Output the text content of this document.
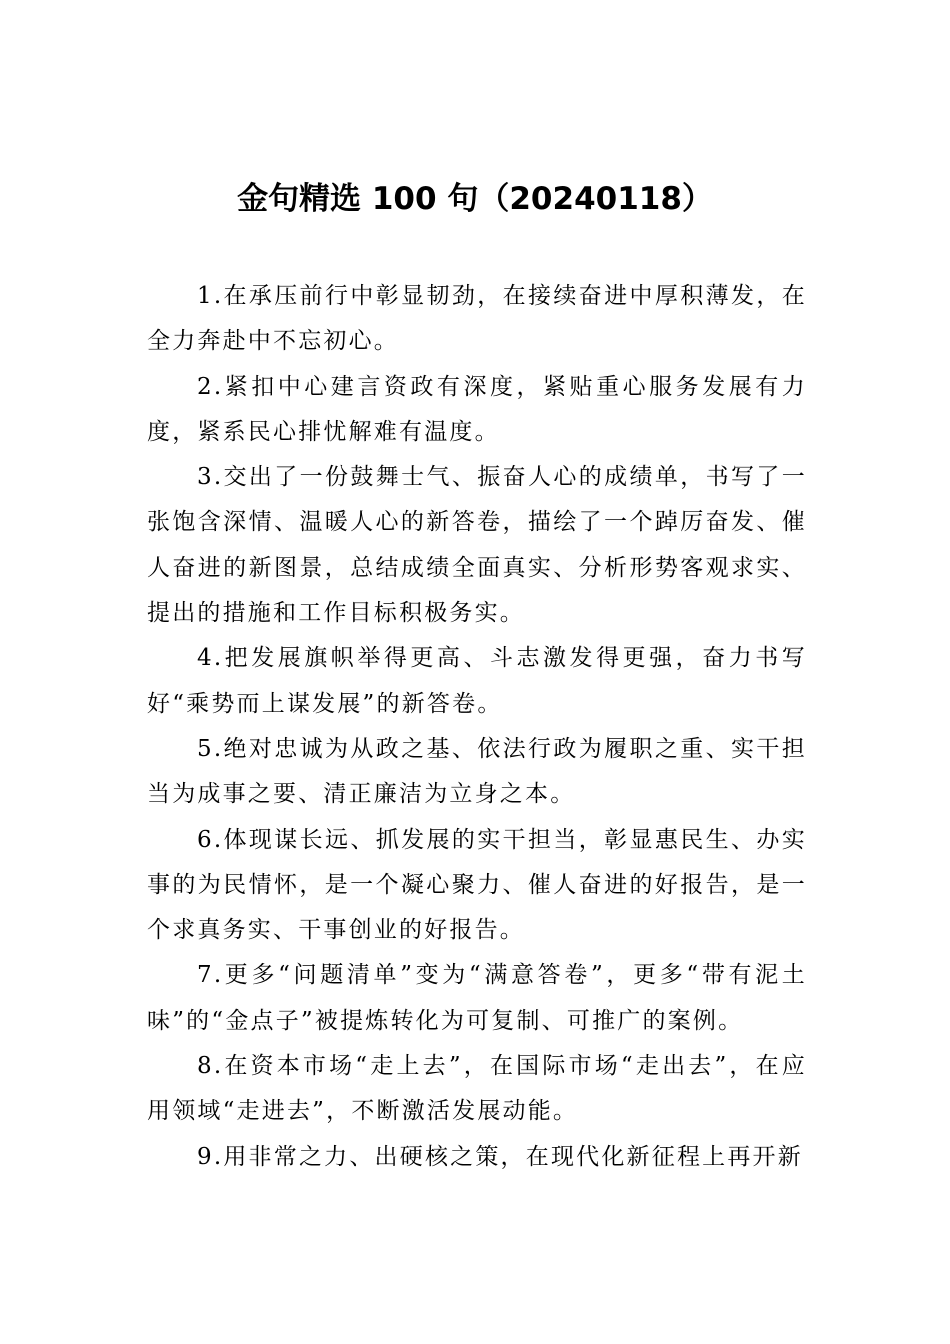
金句精选 100 句（20240118）

1.在承压前行中彰显韧劲，在接续奋进中厚积薄发，在全力奔赴中不忘初心。

2.紧扣中心建言资政有深度，紧贴重心服务发展有力度，紧系民心排忧解难有温度。

3.交出了一份鼓舞士气、振奋人心的成绩单，书写了一张饱含深情、温暖人心的新答卷，描绘了一个踔厉奋发、催人奋进的新图景，总结成绩全面真实、分析形势客观求实、提出的措施和工作目标积极务实。

4.把发展旗帜举得更高、斗志激发得更强，奋力书写好“乘势而上谋发展”的新答卷。

5.绝对忠诚为从政之基、依法行政为履职之重、实干担当为成事之要、清正廉洁为立身之本。

6.体现谋长远、抓发展的实干担当，彰显惠民生、办实事的为民情怀，是一个凝心聚力、催人奋进的好报告，是一个求真务实、干事创业的好报告。

7.更多“问题清单”变为“满意答卷”，更多“带有泥土味”的“金点子”被提炼转化为可复制、可推广的案例。

8.在资本市场“走上去”，在国际市场“走出去”，在应用领域“走进去”，不断激活发展动能。

9.用非常之力、出硬核之策，在现代化新征程上再开新
